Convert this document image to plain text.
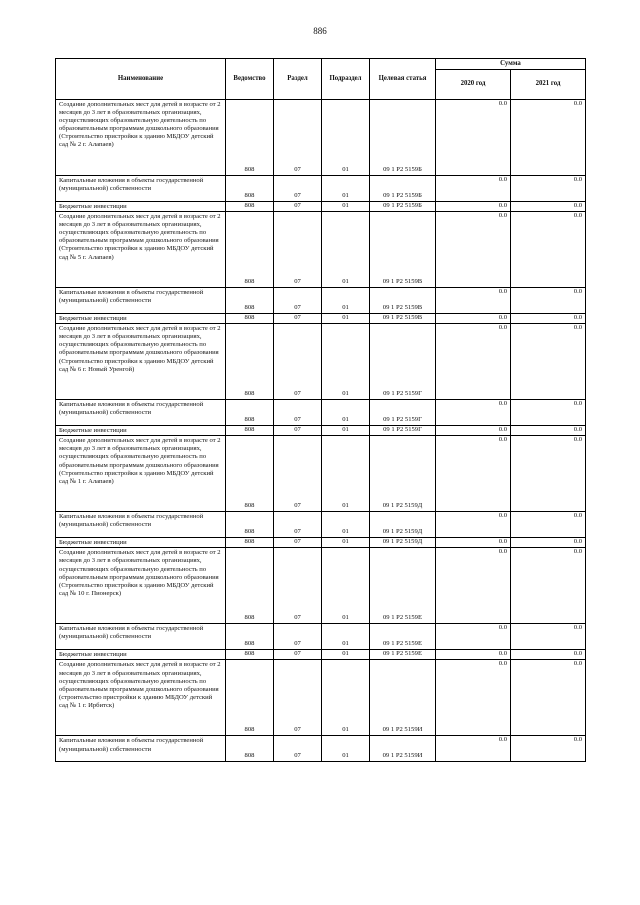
886
Наименование	Ведомство	Раздел	Подраздел	Целевая статья	Сумма	
					2020 год	2021 год

Создание дополнительных мест для детей в возрасте от 2 месяцев до 3 лет в образовательных организациях, осуществляющих образовательную деятельность по образовательным программам дошкольного образования (Строительство пристройки к зданию МБДОУ детский сад № 2 г. Алапаев)	808	07	01	09 1 P2 5159Б	0.0	0.0

Капитальные вложения в объекты государственной (муниципальной) собственности	808	07	01	09 1 P2 5159Б	0.0	0.0

Бюджетные инвестиции	808	07	01	09 1 P2 5159Б	0.0	0.0

Создание дополнительных мест для детей в возрасте от 2 месяцев до 3 лет в образовательных организациях, осуществляющих образовательную деятельность по образовательным программам дошкольного образования (Строительство пристройки к зданию МБДОУ детский сад № 5 г. Алапаев)	808	07	01	09 1 P2 5159В	0.0	0.0

Капитальные вложения в объекты государственной (муниципальной) собственности	808	07	01	09 1 P2 5159В	0.0	0.0

Бюджетные инвестиции	808	07	01	09 1 P2 5159В	0.0	0.0

Создание дополнительных мест для детей в возрасте от 2 месяцев до 3 лет в образовательных организациях, осуществляющих образовательную деятельность по образовательным программам дошкольного образования (Строительство пристройки к зданию МБДОУ детский сад № 6 г. Новый Уренгой)	808	07	01	09 1 P2 5159Г	0.0	0.0

Капитальные вложения в объекты государственной (муниципальной) собственности	808	07	01	09 1 P2 5159Г	0.0	0.0

Бюджетные инвестиции	808	07	01	09 1 P2 5159Г	0.0	0.0

Создание дополнительных мест для детей в возрасте от 2 месяцев до 3 лет в образовательных организациях, осуществляющих образовательную деятельность по образовательным программам дошкольного образования (Строительство пристройки к зданию МБДОУ детский сад № 1 г. Алапаев)	808	07	01	09 1 P2 5159Д	0.0	0.0

Капитальные вложения в объекты государственной (муниципальной) собственности	808	07	01	09 1 P2 5159Д	0.0	0.0

Бюджетные инвестиции	808	07	01	09 1 P2 5159Д	0.0	0.0

Создание дополнительных мест для детей в возрасте от 2 месяцев до 3 лет в образовательных организациях, осуществляющих образовательную деятельность по образовательным программам дошкольного образования (Строительство пристройки к зданию МБДОУ детский сад № 10 г. Пионерск)	808	07	01	09 1 P2 5159Е	0.0	0.0

Капитальные вложения в объекты государственной (муниципальной) собственности	808	07	01	09 1 P2 5159Е	0.0	0.0

Бюджетные инвестиции	808	07	01	09 1 P2 5159Е	0.0	0.0

Создание дополнительных мест для детей в возрасте от 2 месяцев до 3 лет в образовательных организациях, осуществляющих образовательную деятельность по образовательным программам дошкольного образования (строительство пристройки к зданию МБДОУ детский сад № 1 г. Ирбитск)	808	07	01	09 1 P2 5159И	0.0	0.0

Капитальные вложения в объекты государственной (муниципальной) собственности	808	07	01	09 1 P2 5159И	0.0	0.0
